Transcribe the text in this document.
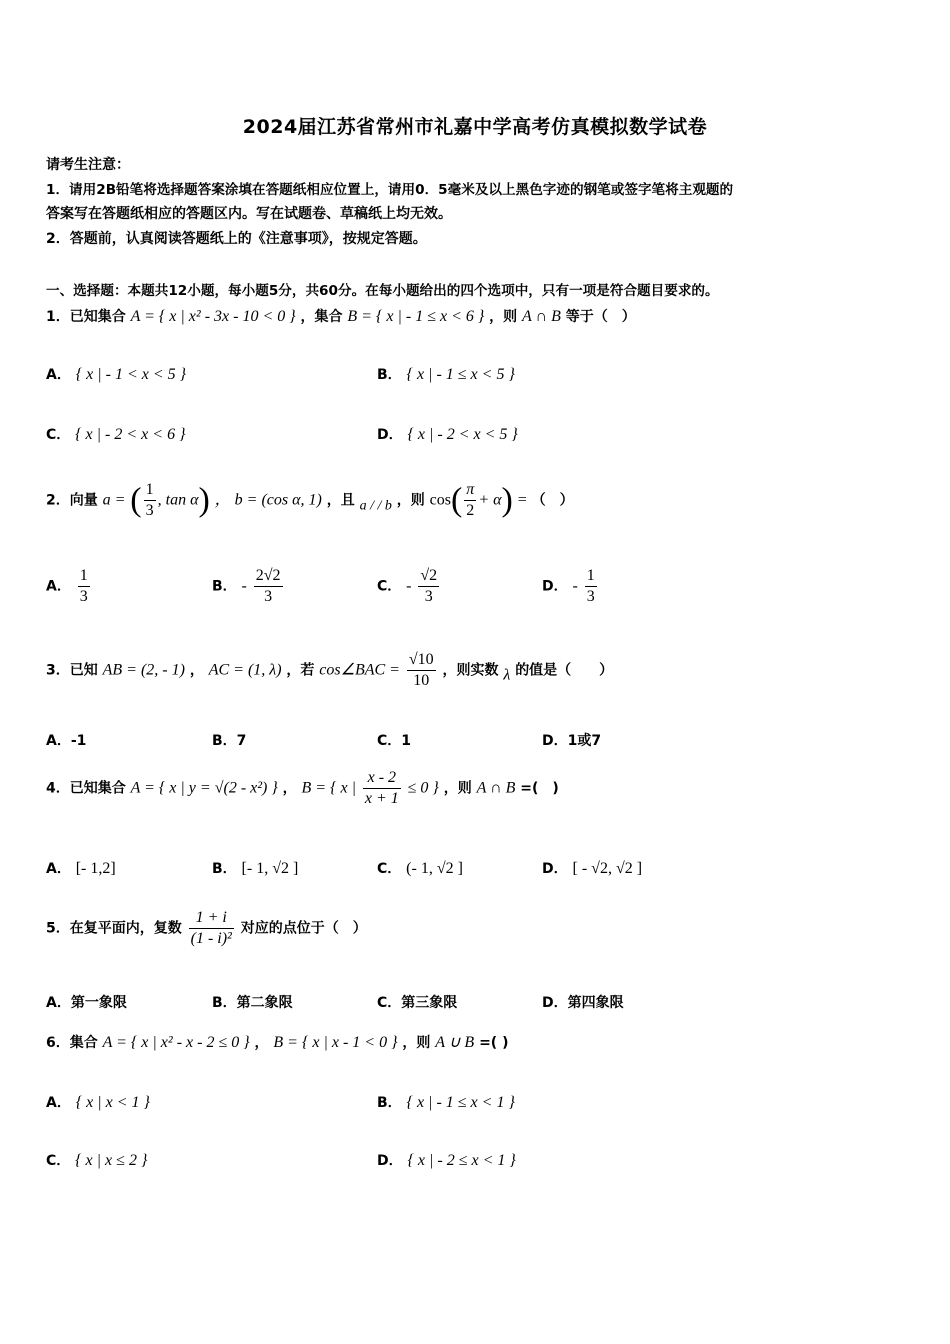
2024届江苏省常州市礼嘉中学高考仿真模拟数学试卷
请考生注意：
1．请用2B铅笔将选择题答案涂填在答题纸相应位置上，请用0．5毫米及以上黑色字迹的钢笔或签字笔将主观题的
答案写在答题纸相应的答题区内。写在试题卷、草稿纸上均无效。
2．答题前，认真阅读答题纸上的《注意事项》，按规定答题。
一、选择题：本题共12小题，每小题5分，共60分。在每小题给出的四个选项中，只有一项是符合题目要求的。
1．已知集合 A = { x | x² - 3x - 10 < 0 } ，集合 B = { x | - 1 ≤ x < 6 } ，则 A ∩ B 等于（　）
A． { x | - 1 < x < 5 }	B． { x | - 1 ≤ x < 5 }
C． { x | - 2 < x < 6 }	D． { x | - 2 < x < 5 }
2．向量 a = ( $\frac{1}{3}$ , tan α) ， b = (cos α, 1) ，且 a / / b ，则 $\cos( \frac{\pi}{2} + \alpha)$ = （　）
A． $\frac{1}{3}$	B． - $\frac{2√2}{3}$	C． - $\frac{√2}{3}$	D． - $\frac{1}{3}$
3．已知 AB = (2, - 1) ， AC = (1, λ) ，若 cos∠BAC = $\frac{√10}{10}$ ，则实数 λ 的值是（　　）
A．-1	B．7	C．1	D．1或7
4．已知集合 A = { x | y = √(2 - x²) } ， B = { x | $\frac{x - 2}{x + 1} \le 0$ } ，则 A ∩ B =(　)
A． [- 1,2]	B． [- 1, √2 ]	C． (- 1, √2 ]	D． [ - √2, √2 ]
5．在复平面内，复数 $\frac{1 + i}{\text{(1 - i)²}}$ 对应的点位于（　）
A．第一象限	B．第二象限	C．第三象限	D．第四象限
6．集合 A = { x | x² - x - 2 ≤ 0 } ， B = { x | x - 1 < 0 } ，则 A ∪ B =( )
A． { x | x < 1 }	B． { x | - 1 ≤ x < 1 }
C． { x | x ≤ 2 }	D． { x | - 2 ≤ x < 1 }
